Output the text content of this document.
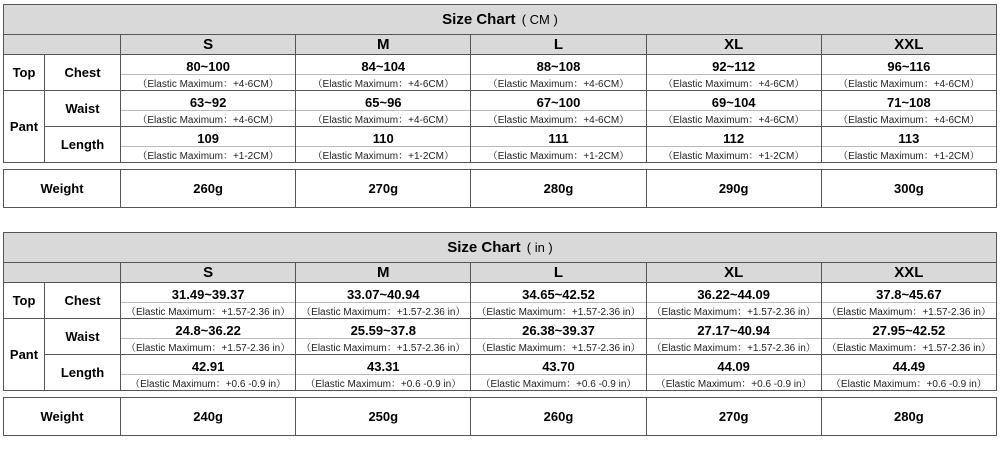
Size Chart ( CM )						
		S	M	L	XL	XXL
Top	Chest	80~100	84~104	88~108	92~112	96~116
		（Elastic Maximum：+4-6CM）	（Elastic Maximum：+4-6CM）	（Elastic Maximum：+4-6CM）	（Elastic Maximum：+4-6CM）	（Elastic Maximum：+4-6CM）
Pant	Waist	63~92	65~96	67~100	69~104	71~108
		（Elastic Maximum：+4-6CM）	（Elastic Maximum：+4-6CM）	（Elastic Maximum：+4-6CM）	（Elastic Maximum：+4-6CM）	（Elastic Maximum：+4-6CM）
	Length	109	110	111	112	113
		（Elastic Maximum：+1-2CM）	（Elastic Maximum：+1-2CM）	（Elastic Maximum：+1-2CM）	（Elastic Maximum：+1-2CM）	（Elastic Maximum：+1-2CM）

Weight		260g	270g	280g	290g	300g
Size Chart ( in )						
		S	M	L	XL	XXL
Top	Chest	31.49~39.37	33.07~40.94	34.65~42.52	36.22~44.09	37.8~45.67
		（Elastic Maximum：+1.57-2.36 in）	（Elastic Maximum：+1.57-2.36 in）	（Elastic Maximum：+1.57-2.36 in）	（Elastic Maximum：+1.57-2.36 in）	（Elastic Maximum：+1.57-2.36 in）
Pant	Waist	24.8~36.22	25.59~37.8	26.38~39.37	27.17~40.94	27.95~42.52
		（Elastic Maximum：+1.57-2.36 in）	（Elastic Maximum：+1.57-2.36 in）	（Elastic Maximum：+1.57-2.36 in）	（Elastic Maximum：+1.57-2.36 in）	（Elastic Maximum：+1.57-2.36 in）
	Length	42.91	43.31	43.70	44.09	44.49
		（Elastic Maximum：+0.6 -0.9 in）	（Elastic Maximum：+0.6 -0.9 in）	（Elastic Maximum：+0.6 -0.9 in）	（Elastic Maximum：+0.6 -0.9 in）	（Elastic Maximum：+0.6 -0.9 in）

Weight		240g	250g	260g	270g	280g
